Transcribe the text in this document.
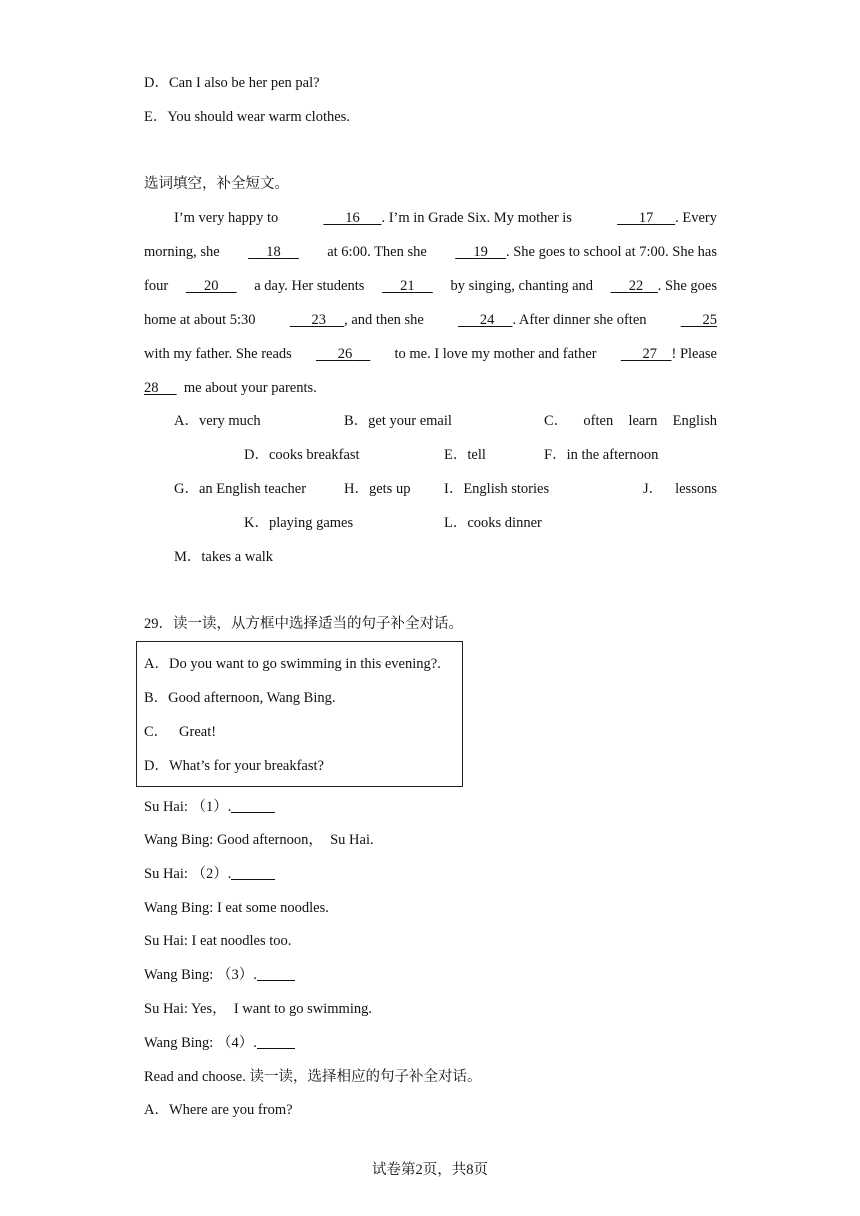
D．Can I also be her pen pal?
E．You should wear warm clothes.
选词填空，补全短文。
I’m very happy to	16 . I’m in Grade Six. My mother is	17 . Every
morning, she	18	at 6:00. Then she	19 . She goes to school at 7:00. She has
four	20	a day. Her students	21	by singing, chanting and	22 . She goes
home at about 5:30	23 , and then she	24 . After dinner she often	25
with my father. She reads	26	to me. I love my mother and father	27 ! Please
28 me about your parents.
A．very much	B．get your email	C． often learn English
D．cooks breakfast	E．tell	F．in the afternoon
G．an English teacher	H．gets up I．English stories	J． lessons
K．playing games	L．cooks dinner
M．takes a walk
29．读一读，从方框中选择适当的句子补全对话。
A．Do you want to go swimming in this evening?.
B．Good afternoon, Wang Bing.
C．   Great!
D．What’s for your breakfast?
Su Hai: （1）.
Wang Bing: Good afternoon，  Su Hai.
Su Hai: （2）.
Wang Bing: I eat some noodles.
Su Hai: I eat noodles too.
Wang Bing: （3）.
Su Hai: Yes，  I want to go swimming.
Wang Bing: （4）.
Read and choose. 读一读，选择相应的句子补全对话。
A．Where are you from?
试卷第2页，共8页
